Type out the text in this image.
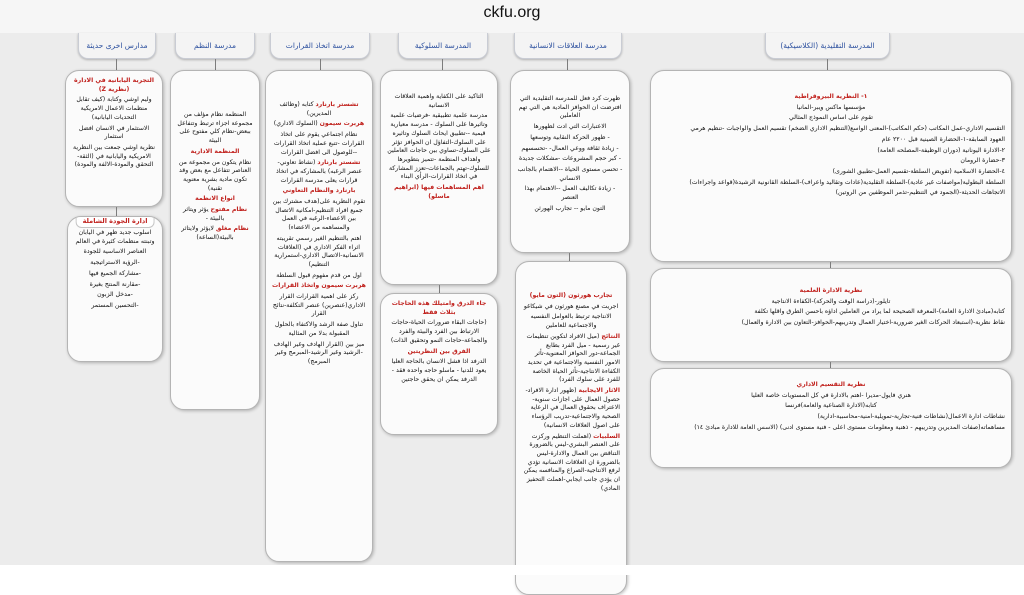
ckfu.org
مدارس اخرى حديثة	مدرسة النظم	مدرسة اتخاذ القرارات	المدرسة السلوكية	مدرسة العلاقات الانسانية	المدرسة التقليدية (الكلاسيكية)

التجربة اليابانية في الادارة (نظرية Z)

وليم اوشي وكتابة (كيف تقابل منظمات الاعمال الامريكية التحديات اليابانية)

الاستثمار في الانسان افضل استثمار

نظرية اوشي جمعت بين النظرية الامريكية واليابانية في (الثقة-التحقق والمودة-الالفة والمودة)

ادارة الجودة الشاملة

اسلوب جديد ظهر في اليابان وتبنته منظمات كثيرة في العالم

العناصر الاساسية للجودة

-الرؤية الاستراتيجية

-مشاركة الجميع فيها

-مقارنة المنتج بغيرة

-مدخل الزبون

-التحسين المستمر

المنظمة نظام مؤلف من مجموعة اجزاء ترتبط وتتفاعل ببعض-نظام كلي مفتوح على البيئة

المنظمة الادارية

نظام يتكون من مجموعة من العناصر تتفاعل مع بعض وقد تكون مادية بشرية معنوية تقنية)

انواع الانظمة

نظام مفتوح يؤثر ويتاثر بالبيئة -

نظام مغلق لايؤثر ولايتاثر بالبيئة(الساعة)

تشستر بارنارد كتابه (وظائف المديرين)

هربرت سيمون (السلوك الاداري)

نظام اجتماعي يقوم على اتخاذ القرارات -تتبع عملية اتخاذ القرارات --للوصول الى افضل القرارات

تشستر بارنارد (نشاط تعاوني-عنصر الرغبه) بالمشاركه في اتخاذ قرارات يعلى مدرسة القرارات

بارنارد والنظام التعاوني

تقوم النظرية على(هدف مشترك بين جميع افراد التنظيم-امكانية الاتصال بين الاعضاء-الرغبه في العمل والمساهمه من الاعضاء)

اهتم بالتنظيم الغير رسمي تقريبته اثراء الفكر الاداري في (العلاقات الانسانية-الاتصال الاداري-استمرارية التنظيم)

اول من قدم مفهوم قبول السلطة

هربرت سيمون واتخاذ القرارات

ركز على اهمية القرارات القرار الاداري(عنصرين) عنصر التكلفة-نتائج القرار

تناول صفة الرشد والاكتفاء بالحلول المقبولة بدلا من المثالية

ميز بين (القرار الهادف وغير الهادف -الرشيد وغير الرشيد-المبرمج وغير المبرمج)

التاكيد على الكفاية واهمية العلاقات الانسانية

مدرسة علمية تطبيقية -فرضيات علمية وتاثيرها على السلوك - مدرسة معيارية قيمية --تطبيق ايحاث السلوك وتاثيره على السلوك-التفاؤل ان الحوافز تؤثر على السلوك-تساوي بين حاجات العاملين واهداف المنظمة -تتميز بتطويرها للسلوك-تهتم بالجماعات-تعزز المشاركة في اتخاذ القرارات-الرأي البناء

اهم المساهمات فيها (ابراهيم ماسلو)

جاء الدرق وامتيلك هذه الحاجات بثلاث فقط

(حاجات البقاء ضرورات الحياة-حاجات الارتباط بين الفرد والبيئة والفرد والجماعة-حاجات النمو وتحقيق الذات)

الفرق بين النظريتين

الدرفد اذا فشل الانسان بالحاجة العليا يعود للدنيا - ماسلو حاجه واحده فقد - الدرفد يمكن ان يحقق حاجتين

ظهرت كرد فعل للمدرسة التقليدية التي افترضت ان الحوافز المادية هي التي تهم العاملين

الاعتبارات التي ادت لظهورها

- ظهور الحركة النقابية وتوسعها

- زيادة ثقافة ووعي العمال- -تحسسهم

- كبر حجم المشروعات -مشكلات جديدة

- تحسن مستوى الحياة --الاهتمام بالجانب الانساني

- زيادة تكاليف العمل --الاهتمام بهذا العنصر

التون مايو -- تجارب الهورثن

تجارب هورثون (التون مايو)

اجريت في مصنع هورثون في شيكاغو

الانتاجية ترتبط بالعوامل النفسيه والاجتماعية للعاملين

النتائج (ميل الافراد لتكوين تنظيمات غير رسمية - ميل الفرد بطابع الجماعة-دور الحوافز المعنوية-تأثر الامور النفسية والاجتماعية في تحديد الكفاءة الانتاجية-تأثر الحياة الخاصة للفرد على سلوك الفرد)

الاثار الايجابية (ظهور ادارة الافراد-حصول العمال على اجازات سنوية-الاعتراف بحقوق العمال في الرعاية الصحية والاجتماعية-تدريب الرؤساء على اصول العلاقات الانسانية)

السلبيات (اهملت التنظيم وركزت على العنصر البشري-ليس بالضرورة التناقض بين العمال والادارة-ليس بالضرورة ان العلاقات الانسانية تؤدي لرفع الانتاجية-الصراع والمنافسه يمكن ان يؤدي جانب ايجابي-اهملت التحفيز المادي)

١- النظرية البيروقراطية

مؤسسها ماكس ويبر-المانيا

تقوم على اساس النموذج المثالي

التقسيم الاداري-عمل المكاتب (حكم المكاتب)-المعنى الواسع(التنظيم الاداري الضخم) تقسيم العمل والواجبات -تنظيم هرمي

العهود السابقة-١-الحضارة الصينية قبل ٢٢٠٠ عام

٢-الادارة اليونانية (دوران الوظيفة-المصلحه العامة)

٣-حضارة الرومان

٤-الحضارة الاسلامية (تفويض السلطة-تقسيم العمل-تطبيق الشورى)

السلطة البطولية(مواصفات غير عادية)-السلطة التقليدية(عادات وتقاليد واعراف)-السلطة القانونية الرشيدة(قواعد واجراءات)

الاتجاهات الحديثة-(الجمود في التنظيم-تذمر الموظفين من الروتين)

نظرية الادارة العلمية

تايلور-(دراسة الوقت والحركة)-الكفاءة الانتاجية

كتابه(مبادئ الادارة العامة)-المعرفة الصحيحة لما يراد من العاملين اداؤه باحسن الطرق واقلها تكلفة

نقاط نظرية-(استبعاد الحركات الغير ضرورية-اختيار العمال وتدريبهم-الحوافز-التعاون بين الادارة والعمال)

نظرية التقسيم الاداري

هنري فايول-مديرا -اهتم بالادارة في كل المستويات خاصة العليا

كتابه(الادارة الصناعية والعامة)فرنسا

نشاطات ادارة الاعمال(نشاطات فنية-تجارية-تمويلية-امنية-محاسبية-ادارية)

مساهماته(صفات المديرين وتدريبهم - ذهنية ومعلومات مستوى اعلى - فنية مستوى ادنى) (الاسس العامة للادارة مبادئ ١٤)
